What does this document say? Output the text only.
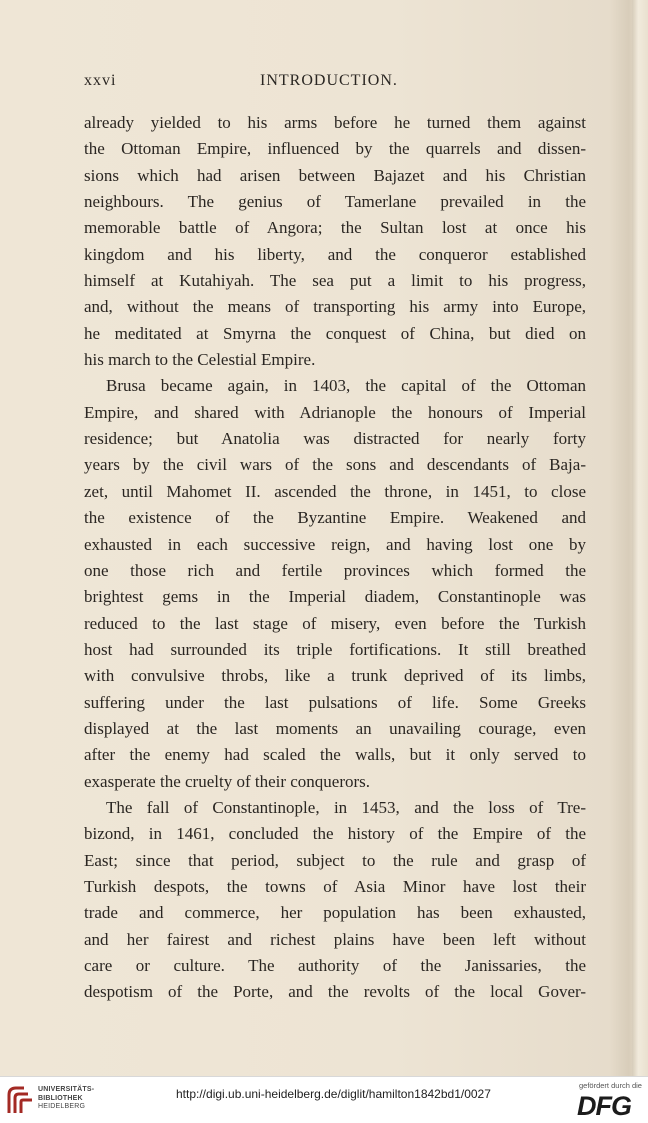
xxvi	INTRODUCTION.
already yielded to his arms before he turned them against
the Ottoman Empire, influenced by the quarrels and dissen-
sions which had arisen between Bajazet and his Christian
neighbours. The genius of Tamerlane prevailed in the
memorable battle of Angora; the Sultan lost at once his
kingdom and his liberty, and the conqueror established
himself at Kutahiyah. The sea put a limit to his progress,
and, without the means of transporting his army into Europe,
he meditated at Smyrna the conquest of China, but died on
his march to the Celestial Empire.
Brusa became again, in 1403, the capital of the Ottoman
Empire, and shared with Adrianople the honours of Imperial
residence; but Anatolia was distracted for nearly forty
years by the civil wars of the sons and descendants of Baja-
zet, until Mahomet II. ascended the throne, in 1451, to close
the existence of the Byzantine Empire. Weakened and
exhausted in each successive reign, and having lost one by
one those rich and fertile provinces which formed the
brightest gems in the Imperial diadem, Constantinople was
reduced to the last stage of misery, even before the Turkish
host had surrounded its triple fortifications. It still breathed
with convulsive throbs, like a trunk deprived of its limbs,
suffering under the last pulsations of life. Some Greeks
displayed at the last moments an unavailing courage, even
after the enemy had scaled the walls, but it only served to
exasperate the cruelty of their conquerors.
The fall of Constantinople, in 1453, and the loss of Tre-
bizond, in 1461, concluded the history of the Empire of the
East; since that period, subject to the rule and grasp of
Turkish despots, the towns of Asia Minor have lost their
trade and commerce, her population has been exhausted,
and her fairest and richest plains have been left without
care or culture. The authority of the Janissaries, the
despotism of the Porte, and the revolts of the local Gover-
UNIVERSITÄTS-
BIBLIOTHEK
HEIDELBERG
http://digi.ub.uni-heidelberg.de/diglit/hamilton1842bd1/0027
gefördert durch die
DFG
